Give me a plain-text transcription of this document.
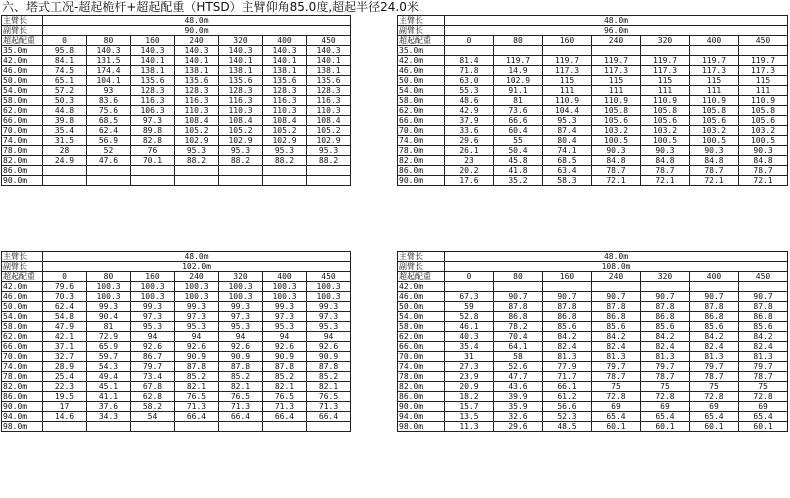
六、塔式工况-超起桅杆+超起配重（HTSD）主臂仰角85.0度,超起半径24.0米
主臂长	48.0m						
副臂长	90.0m						
超起配重	0	80	160	240	320	400	450
35.0m	95.8	140.3	140.3	140.3	140.3	140.3	140.3
42.0m	84.1	131.5	140.1	140.1	140.1	140.1	140.1
46.0m	74.5	174.4	138.1	138.1	138.1	138.1	138.1
50.0m	65.1	104.1	135.6	135.6	135.6	135.6	135.6
54.0m	57.2	93	128.3	128.3	128.3	128.3	128.3
58.0m	50.3	83.6	116.3	116.3	116.3	116.3	116.3
62.0m	44.8	75.6	106.3	110.3	110.3	110.3	110.3
66.0m	39.8	68.5	97.3	108.4	108.4	108.4	108.4
70.0m	35.4	62.4	89.8	105.2	105.2	105.2	105.2
74.0m	31.5	56.9	82.8	102.9	102.9	102.9	102.9
78.0m	28	52	76	95.3	95.3	95.3	95.3
82.0m	24.9	47.6	70.1	88.2	88.2	88.2	88.2
86.0m							
90.0m							
主臂长	48.0m						
副臂长	96.0m						
超起配重	0	80	160	240	320	400	450
35.0m							
42.0m	81.4	119.7	119.7	119.7	119.7	119.7	119.7
46.0m	71.8	14.9	117.3	117.3	117.3	117.3	117.3
50.0m	63.0	102.9	115	115	115	115	115
54.0m	55.3	91.1	111	111	111	111	111
58.0m	48.6	81	110.9	110.9	110.9	110.9	110.9
62.0m	42.9	73.6	104.4	105.8	105.8	105.8	105.8
66.0m	37.9	66.6	95.3	105.6	105.6	105.6	105.6
70.0m	33.6	60.4	87.4	103.2	103.2	103.2	103.2
74.0m	29.6	55	80.4	100.5	100.5	100.5	100.5
78.0m	26.1	50.4	74.1	90.3	90.3	90.3	90.3
82.0m	23	45.8	68.5	84.8	84.8	84.8	84.8
86.0m	20.2	41.8	63.4	78.7	78.7	78.7	78.7
90.0m	17.6	35.2	58.3	72.1	72.1	72.1	72.1
主臂长	48.0m						
副臂长	102.0m						
超起配重	0	80	160	240	320	400	450
42.0m	79.6	100.3	100.3	100.3	100.3	100.3	100.3
46.0m	70.3	100.3	100.3	100.3	100.3	100.3	100.3
50.0m	62.4	99.3	99.3	99.3	99.3	99.3	99.3
54.0m	54.8	90.4	97.3	97.3	97.3	97.3	97.3
58.0m	47.9	81	95.3	95.3	95.3	95.3	95.3
62.0m	42.1	72.9	94	94	94	94	94
66.0m	37.1	65.9	92.6	92.6	92.6	92.6	92.6
70.0m	32.7	59.7	86.7	90.9	90.9	90.9	90.9
74.0m	28.9	54.3	79.7	87.8	87.8	87.8	87.8
78.0m	25.4	49.4	73.4	85.2	85.2	85.2	85.2
82.0m	22.3	45.1	67.8	82.1	82.1	82.1	82.1
86.0m	19.5	41.1	62.8	76.5	76.5	76.5	76.5
90.0m	17	37.6	58.2	71.3	71.3	71.3	71.3
94.0m	14.6	34.3	54	66.4	66.4	66.4	66.4
98.0m							
主臂长	48.0m						
副臂长	108.0m						
超起配重	0	80	160	240	320	400	450
42.0m							
46.0m	67.3	90.7	90.7	90.7	90.7	90.7	90.7
50.0m	59	87.8	87.8	87.8	87.8	87.8	87.8
54.0m	52.8	86.8	86.8	86.8	86.8	86.8	86.8
58.0m	46.1	78.2	85.6	85.6	85.6	85.6	85.6
62.0m	40.3	70.4	84.2	84.2	84.2	84.2	84.2
66.0m	35.4	64.1	82.4	82.4	82.4	82.4	82.4
70.0m	31	58	81.3	81.3	81.3	81.3	81.3
74.0m	27.3	52.6	77.9	79.7	79.7	79.7	79.7
78.0m	23.9	47.7	71.7	78.7	78.7	78.7	78.7
82.0m	20.9	43.6	66.1	75	75	75	75
86.0m	18.2	39.9	61.2	72.8	72.8	72.8	72.8
90.0m	15.7	35.9	56.6	69	69	69	69
94.0m	13.5	32.6	52.3	65.4	65.4	65.4	65.4
98.0m	11.3	29.6	48.5	60.1	60.1	60.1	60.1
